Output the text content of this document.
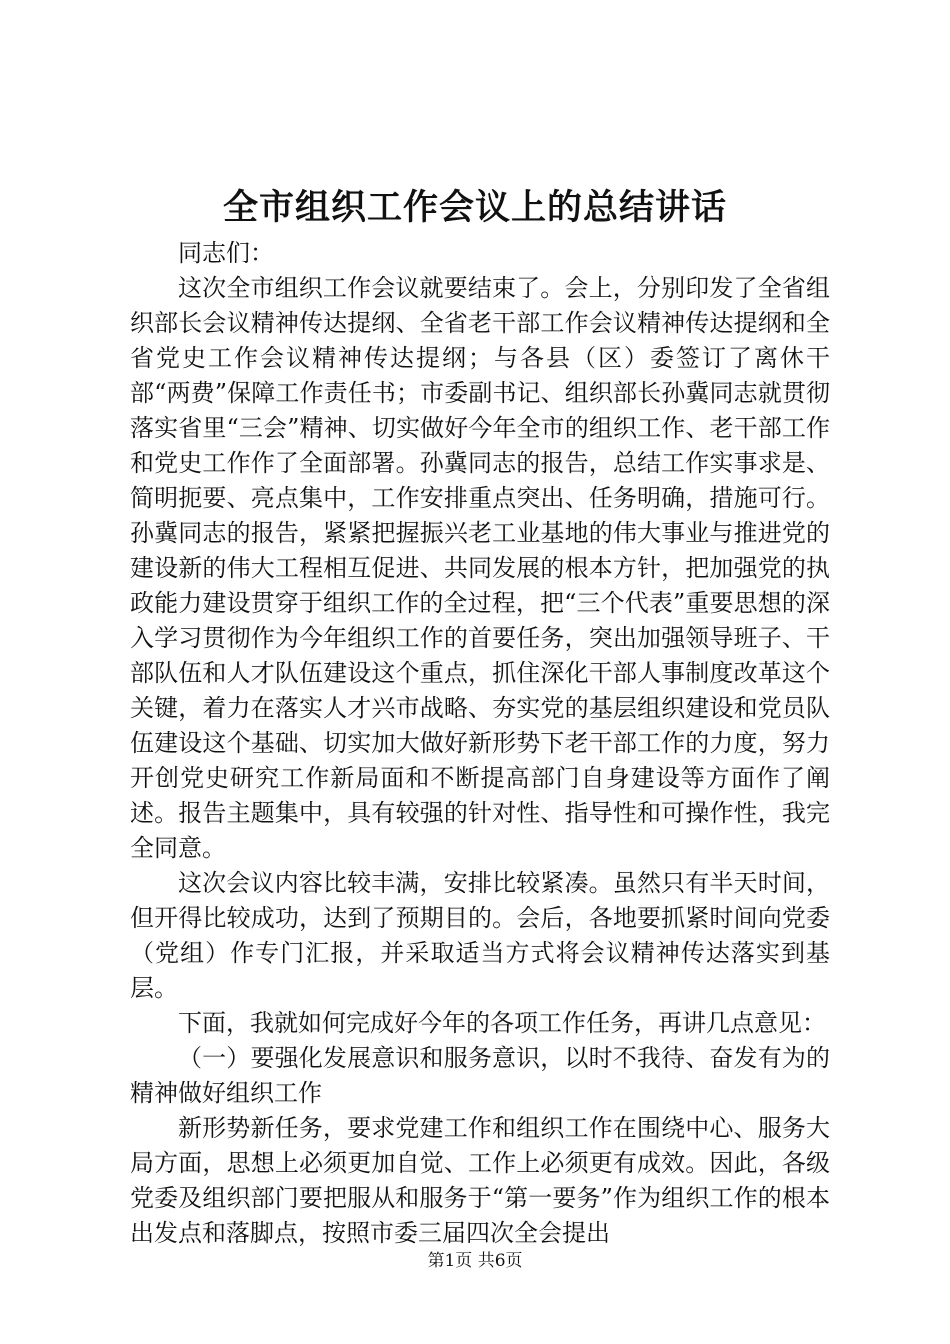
全市组织工作会议上的总结讲话

同志们：

这次全市组织工作会议就要结束了。会上，分别印发了全省组织部长会议精神传达提纲、全省老干部工作会议精神传达提纲和全省党史工作会议精神传达提纲；与各县（区）委签订了离休干部“两费”保障工作责任书；市委副书记、组织部长孙冀同志就贯彻落实省里“三会”精神、切实做好今年全市的组织工作、老干部工作和党史工作作了全面部署。孙冀同志的报告，总结工作实事求是、简明扼要、亮点集中，工作安排重点突出、任务明确，措施可行。孙冀同志的报告，紧紧把握振兴老工业基地的伟大事业与推进党的建设新的伟大工程相互促进、共同发展的根本方针，把加强党的执政能力建设贯穿于组织工作的全过程，把“三个代表”重要思想的深入学习贯彻作为今年组织工作的首要任务，突出加强领导班子、干部队伍和人才队伍建设这个重点，抓住深化干部人事制度改革这个关键，着力在落实人才兴市战略、夯实党的基层组织建设和党员队伍建设这个基础、切实加大做好新形势下老干部工作的力度，努力开创党史研究工作新局面和不断提高部门自身建设等方面作了阐述。报告主题集中，具有较强的针对性、指导性和可操作性，我完全同意。

这次会议内容比较丰满，安排比较紧凑。虽然只有半天时间，但开得比较成功，达到了预期目的。会后，各地要抓紧时间向党委（党组）作专门汇报，并采取适当方式将会议精神传达落实到基层。

下面，我就如何完成好今年的各项工作任务，再讲几点意见：

（一）要强化发展意识和服务意识，以时不我待、奋发有为的精神做好组织工作

新形势新任务，要求党建工作和组织工作在围绕中心、服务大局方面，思想上必须更加自觉、工作上必须更有成效。因此，各级党委及组织部门要把服从和服务于“第一要务”作为组织工作的根本出发点和落脚点，按照市委三届四次全会提出

第1页 共6页
